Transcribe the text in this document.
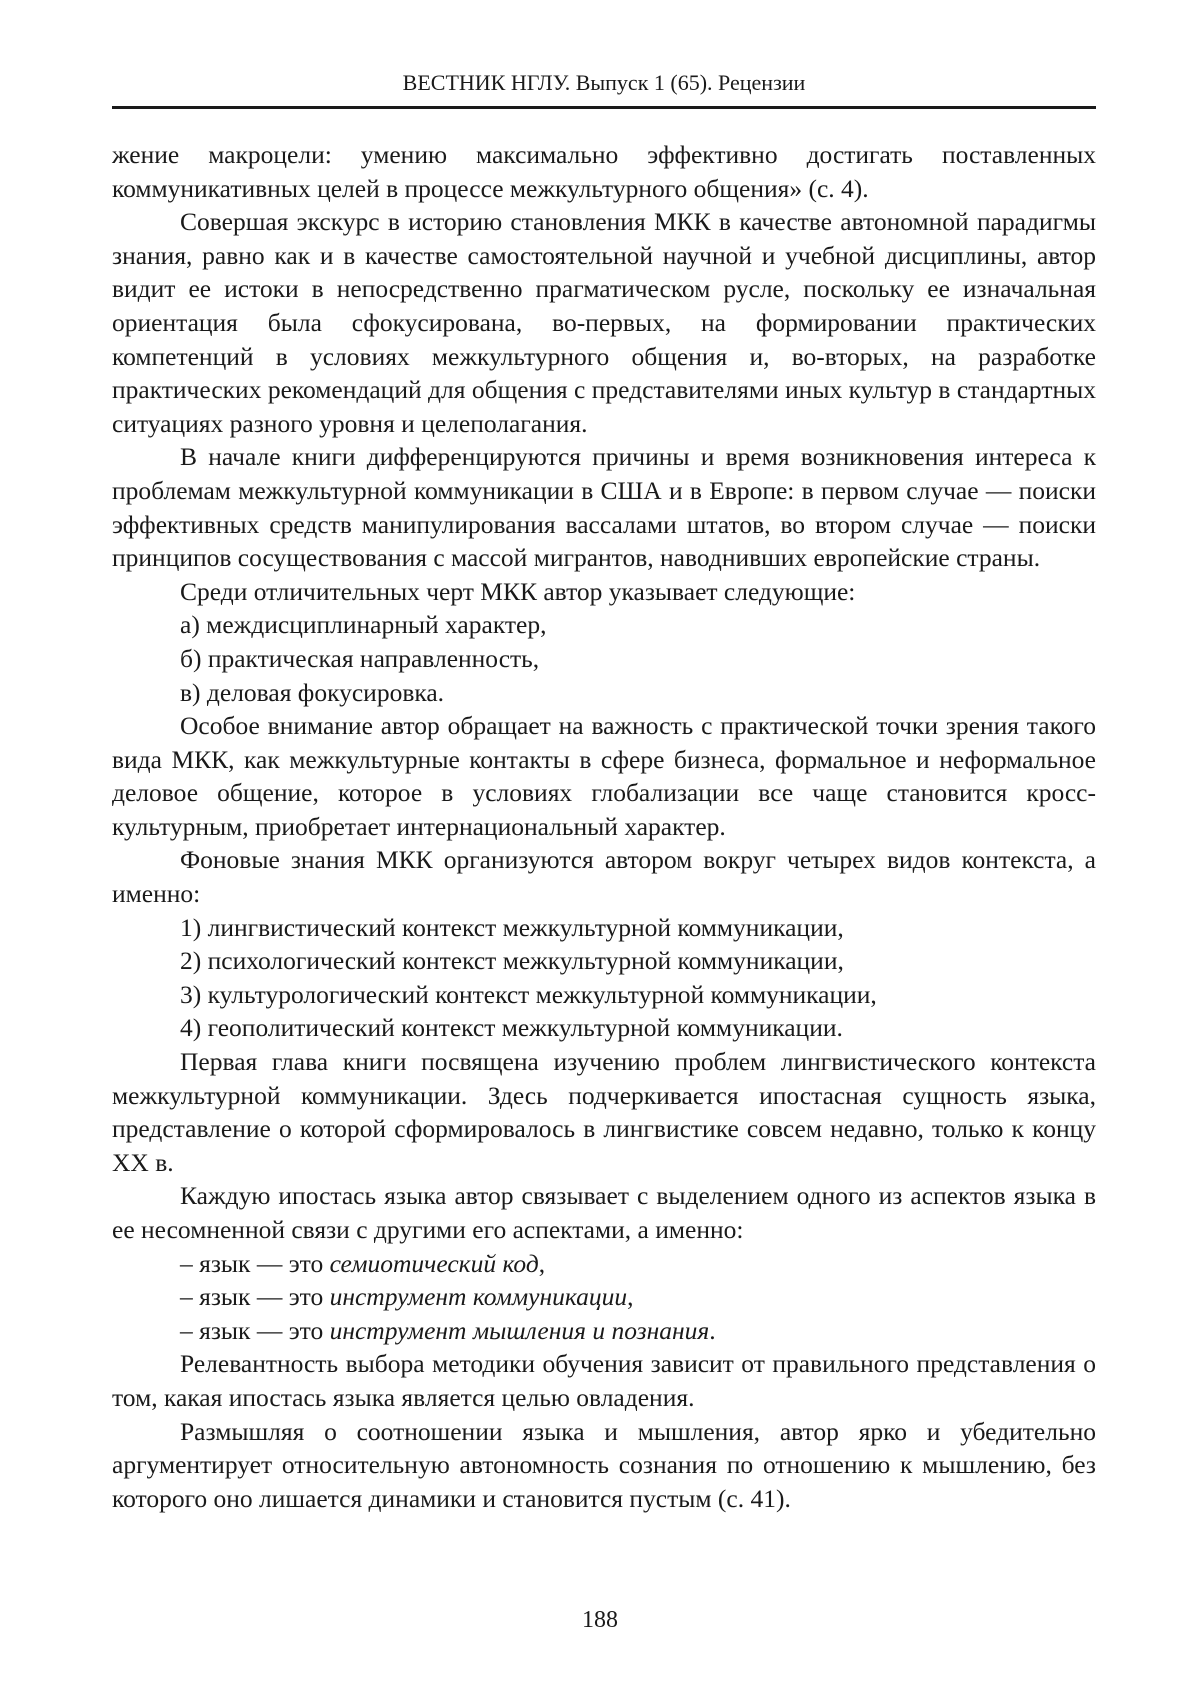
ВЕСТНИК НГЛУ. Выпуск 1 (65). Рецензии

жение макроцели: умению максимально эффективно достигать поставленных коммуникативных целей в процессе межкультурного общения» (с. 4).

Совершая экскурс в историю становления МКК в качестве автономной парадигмы знания, равно как и в качестве самостоятельной научной и учебной дисциплины, автор видит ее истоки в непосредственно прагматическом русле, поскольку ее изначальная ориентация была сфокусирована, во-первых, на формировании практических компетенций в условиях межкультурного общения и, во-вторых, на разработке практических рекомендаций для общения с представителями иных культур в стандартных ситуациях разного уровня и целеполагания.

В начале книги дифференцируются причины и время возникновения интереса к проблемам межкультурной коммуникации в США и в Европе: в первом случае — поиски эффективных средств манипулирования вассалами штатов, во втором случае — поиски принципов сосуществования с массой мигрантов, наводнивших европейские страны.

Среди отличительных черт МКК автор указывает следующие:

а) междисциплинарный характер,

б) практическая направленность,

в) деловая фокусировка.

Особое внимание автор обращает на важность с практической точки зрения такого вида МКК, как межкультурные контакты в сфере бизнеса, формальное и неформальное деловое общение, которое в условиях глобализации все чаще становится кросс-культурным, приобретает интернациональный характер.

Фоновые знания МКК организуются автором вокруг четырех видов контекста, а именно:

1) лингвистический контекст межкультурной коммуникации,

2) психологический контекст межкультурной коммуникации,

3) культурологический контекст межкультурной коммуникации,

4) геополитический контекст межкультурной коммуникации.

Первая глава книги посвящена изучению проблем лингвистического контекста межкультурной коммуникации. Здесь подчеркивается ипостасная сущность языка, представление о которой сформировалось в лингвистике совсем недавно, только к концу XX в.

Каждую ипостась языка автор связывает с выделением одного из аспектов языка в ее несомненной связи с другими его аспектами, а именно:

– язык — это семиотический код,

– язык — это инструмент коммуникации,

– язык — это инструмент мышления и познания.

Релевантность выбора методики обучения зависит от правильного представления о том, какая ипостась языка является целью овладения.

Размышляя о соотношении языка и мышления, автор ярко и убедительно аргументирует относительную автономность сознания по отношению к мышлению, без которого оно лишается динамики и становится пустым (с. 41).

188
